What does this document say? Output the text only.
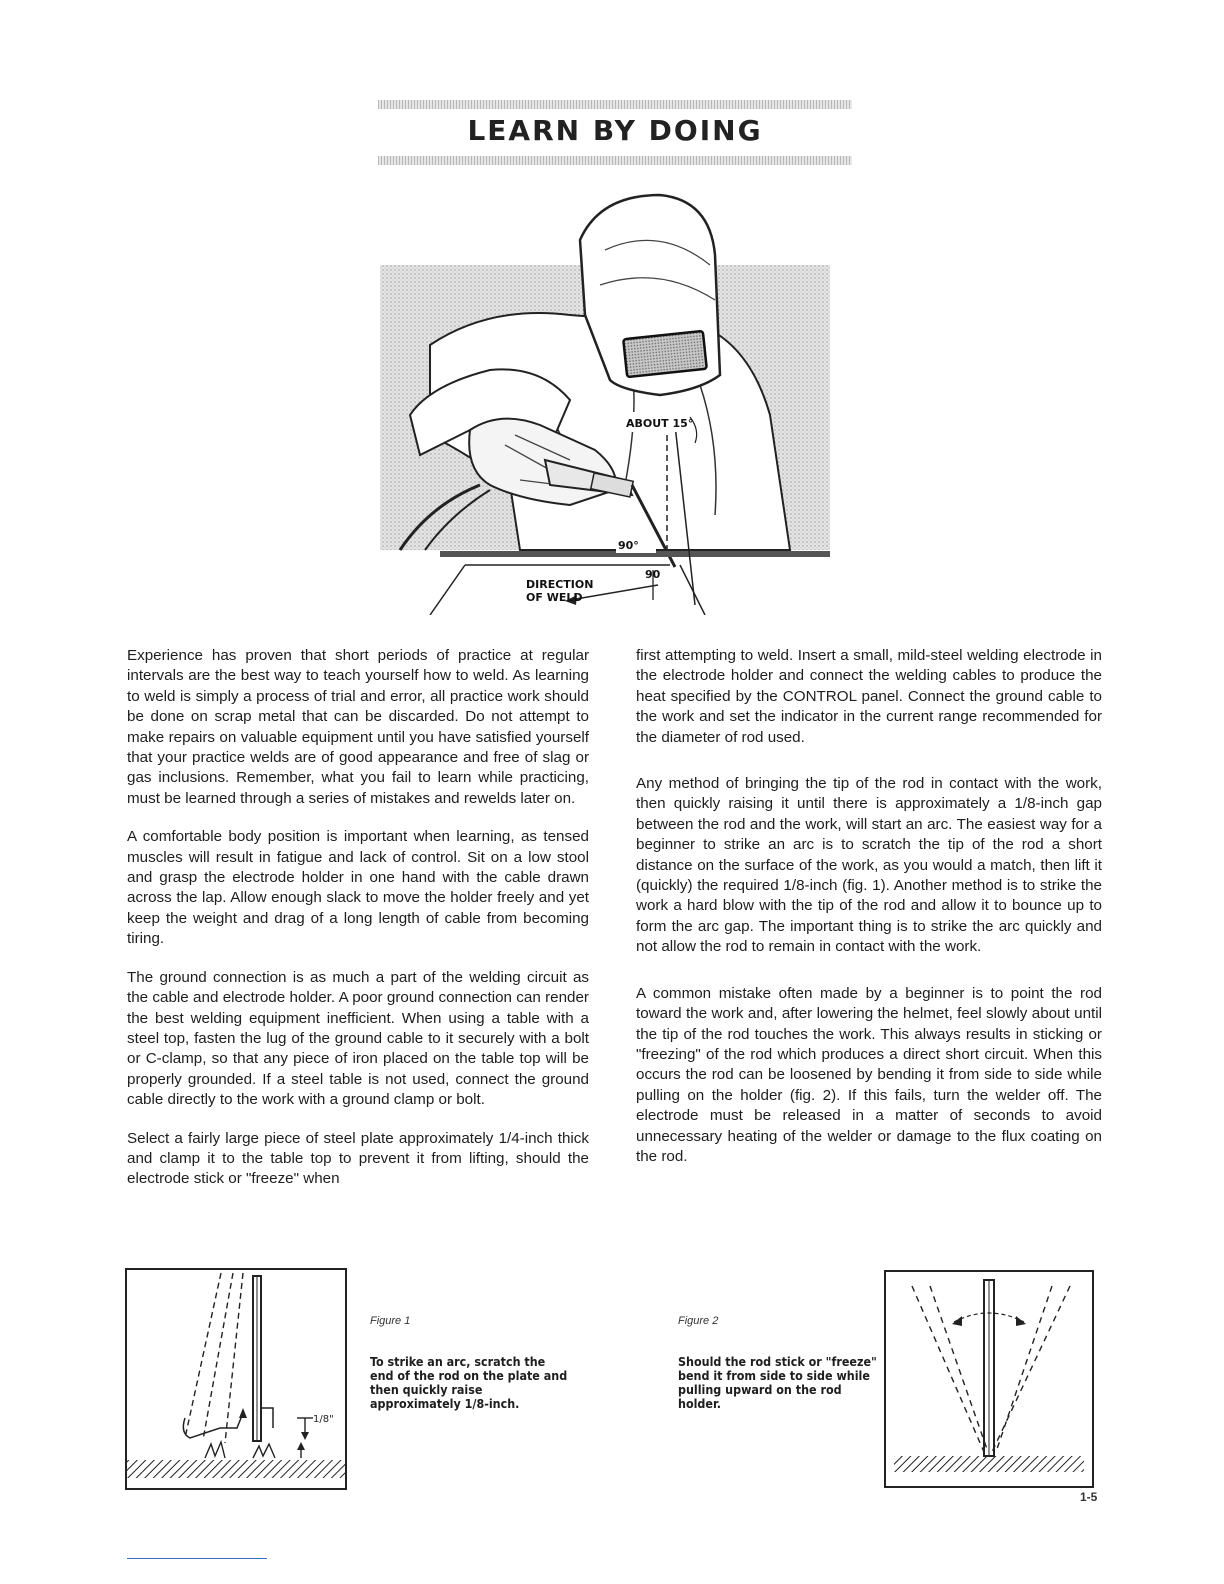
LEARN BY DOING
ABOUT 15°
90°
90
DIRECTION
OF WELD

Experience has proven that short periods of practice at regular intervals are the best way to teach yourself how to weld. As learning to weld is simply a process of trial and error, all practice work should be done on scrap metal that can be discarded. Do not attempt to make repairs on valuable equipment until you have satisfied yourself that your practice welds are of good appearance and free of slag or gas inclusions. Remember, what you fail to learn while practicing, must be learned through a series of mistakes and rewelds later on.

A comfortable body position is important when learning, as tensed muscles will result in fatigue and lack of control. Sit on a low stool and grasp the electrode holder in one hand with the cable drawn across the lap. Allow enough slack to move the holder freely and yet keep the weight and drag of a long length of cable from becoming tiring.

The ground connection is as much a part of the welding circuit as the cable and electrode holder. A poor ground connection can render the best welding equipment inefficient. When using a table with a steel top, fasten the lug of the ground cable to it securely with a bolt or C-clamp, so that any piece of iron placed on the table top will be properly grounded. If a steel table is not used, connect the ground cable directly to the work with a ground clamp or bolt.

Select a fairly large piece of steel plate approximately 1/4-inch thick and clamp it to the table top to prevent it from lifting, should the electrode stick or "freeze" when

first attempting to weld. Insert a small, mild-steel welding electrode in the electrode holder and connect the welding cables to produce the heat specified by the CONTROL panel. Connect the ground cable to the work and set the indicator in the current range recommended for the diameter of rod used.

Any method of bringing the tip of the rod in contact with the work, then quickly raising it until there is approximately a 1/8-inch gap between the rod and the work, will start an arc. The easiest way for a beginner to strike an arc is to scratch the tip of the rod a short distance on the surface of the work, as you would a match, then lift it (quickly) the required 1/8-inch (fig. 1). Another method is to strike the work a hard blow with the tip of the rod and allow it to bounce up to form the arc gap. The important thing is to strike the arc quickly and not allow the rod to remain in contact with the work.

A common mistake often made by a beginner is to point the rod toward the work and, after lowering the helmet, feel slowly about until the tip of the rod touches the work. This always results in sticking or "freezing" of the rod which produces a direct short circuit. When this occurs the rod can be loosened by bending it from side to side while pulling on the holder (fig. 2). If this fails, turn the welder off. The electrode must be released in a matter of seconds to avoid unnecessary heating of the welder or damage to the flux coating on the rod.

1/8"
Figure 1
To strike an arc, scratch the end of the rod on the plate and then quickly raise approximately 1/8-inch.
Figure 2
Should the rod stick or "freeze" bend it from side to side while pulling upward on the rod holder.
1-5
